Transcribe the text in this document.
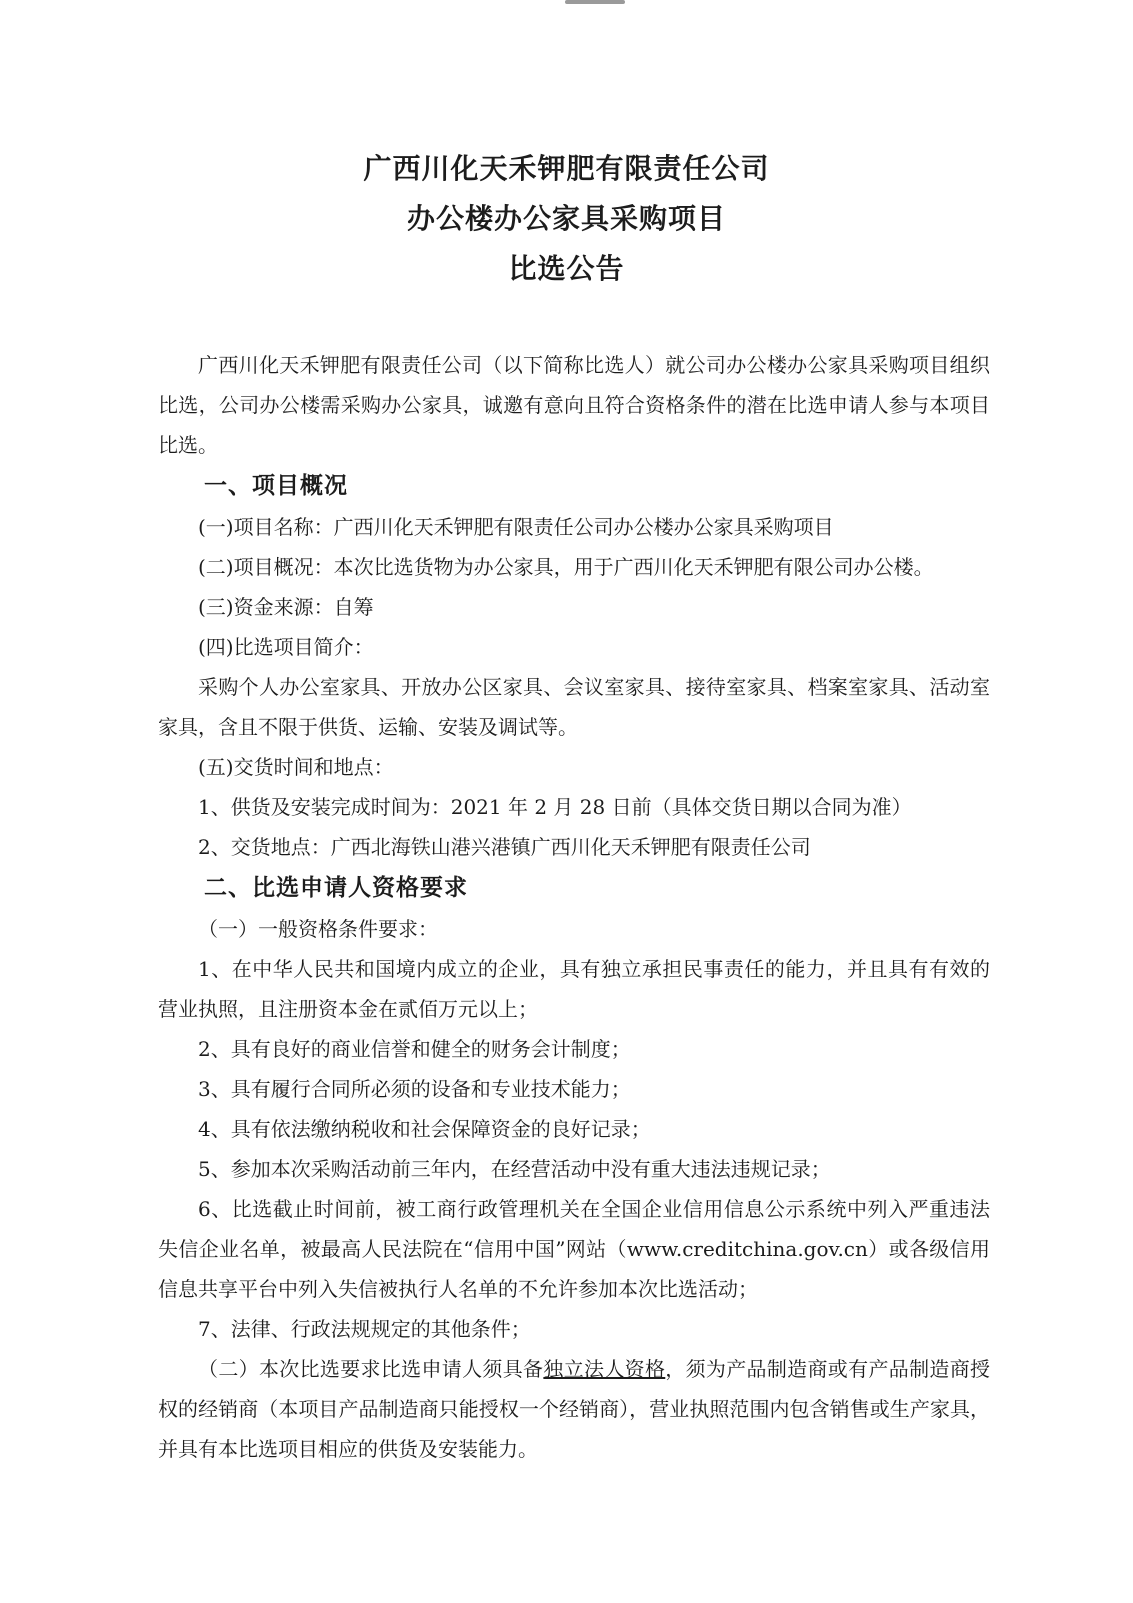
广西川化天禾钾肥有限责任公司
办公楼办公家具采购项目
比选公告

广西川化天禾钾肥有限责任公司（以下简称比选人）就公司办公楼办公家具采购项目组织比选，公司办公楼需采购办公家具，诚邀有意向且符合资格条件的潜在比选申请人参与本项目比选。

一、项目概况

(一)项目名称：广西川化天禾钾肥有限责任公司办公楼办公家具采购项目

(二)项目概况：本次比选货物为办公家具，用于广西川化天禾钾肥有限公司办公楼。

(三)资金来源：自筹

(四)比选项目简介：

采购个人办公室家具、开放办公区家具、会议室家具、接待室家具、档案室家具、活动室家具，含且不限于供货、运输、安装及调试等。

(五)交货时间和地点：

1、供货及安装完成时间为：2021 年 2 月 28 日前（具体交货日期以合同为准）

2、交货地点：广西北海铁山港兴港镇广西川化天禾钾肥有限责任公司

二、比选申请人资格要求

（一）一般资格条件要求：

1、在中华人民共和国境内成立的企业，具有独立承担民事责任的能力，并且具有有效的营业执照，且注册资本金在贰佰万元以上；

2、具有良好的商业信誉和健全的财务会计制度；

3、具有履行合同所必须的设备和专业技术能力；

4、具有依法缴纳税收和社会保障资金的良好记录；

5、参加本次采购活动前三年内，在经营活动中没有重大违法违规记录；

6、比选截止时间前，被工商行政管理机关在全国企业信用信息公示系统中列入严重违法失信企业名单，被最高人民法院在“信用中国”网站（www.creditchina.gov.cn）或各级信用信息共享平台中列入失信被执行人名单的不允许参加本次比选活动；

7、法律、行政法规规定的其他条件；

（二）本次比选要求比选申请人须具备独立法人资格，须为产品制造商或有产品制造商授权的经销商（本项目产品制造商只能授权一个经销商），营业执照范围内包含销售或生产家具，并具有本比选项目相应的供货及安装能力。
